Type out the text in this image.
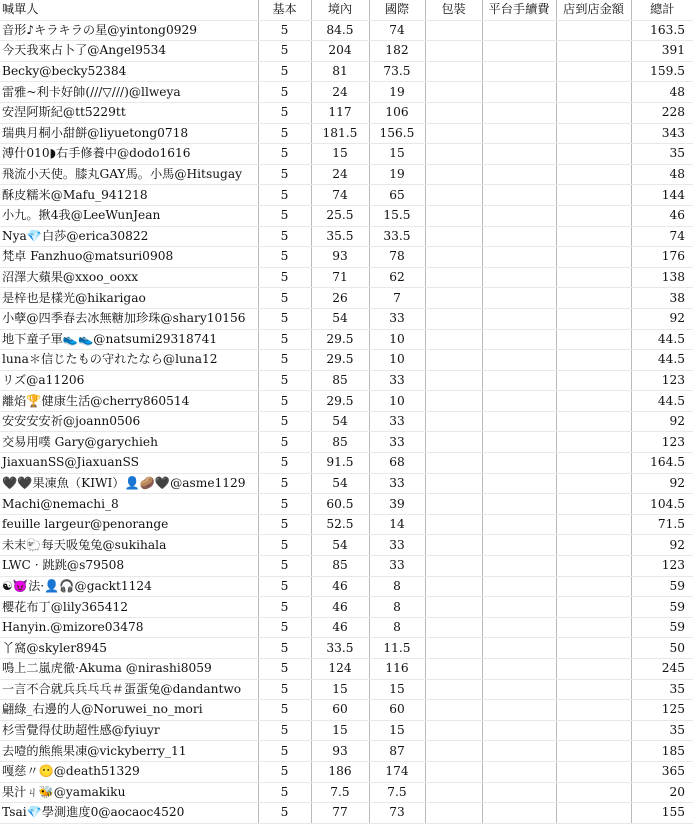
喊單人	基本	境內	國際	包裝	平台手續費	店到店金額	總計
音形♪キラキラの星@yintong0929	5	84.5	74				163.5
今天我來占卜了@Angel9534	5	204	182				391
Becky@becky52384	5	81	73.5				159.5
雷雅~利卡好帥(///▽///)@llweya	5	24	19				48
安涅阿斯紀@tt5229tt	5	117	106				228
瑞典月桐小甜餅@liyuetong0718	5	181.5	156.5				343
溥什010◗右手修養中@dodo1616	5	15	15				35
飛流小天使。膝丸GAY馬。小馬@Hitsugay	5	24	19				48
酥皮糯米@Mafu_941218	5	74	65				144
小九。揪4我@LeeWunJean	5	25.5	15.5				46
Nya💎白莎@erica30822	5	35.5	33.5				74
梵卓 Fanzhuo@matsuri0908	5	93	78				176
沼澤大蘋果@xxoo_ooxx	5	71	62				138
是梓也是樣光@hikarigao	5	26	7				38
小孽@四季春去冰無糖加珍珠@shary10156	5	54	33				92
地下童子軍👟👟@natsumi29318741	5	29.5	10				44.5
luna＊信じたもの守れたなら@luna12	5	29.5	10				44.5
リズ@a11206	5	85	33				123
離焰🏆健康生活@cherry860514	5	29.5	10				44.5
安安安安祈@joann0506	5	54	33				92
交易用噗 Gary@garychieh	5	85	33				123
JiaxuanSS@JiaxuanSS	5	91.5	68				164.5
🖤🖤果凍魚（KIWI）👤🥔🖤@asme1129	5	54	33				92
Machi@nemachi_8	5	60.5	39				104.5
feuille largeur@penorange	5	52.5	14				71.5
未末🐑每天吸兔兔@sukihala	5	54	33				92
LWC · 跳跳@s79508	5	85	33				123
☯😈法·👤🎧@gackt1124	5	46	8				59
櫻花布丁@lily365412	5	46	8				59
Hanyin.@mizore03478	5	46	8				59
丫窩@skyler8945	5	33.5	11.5				50
鳴上二嵐虎徹·Akuma @nirashi8059	5	124	116				245
一言不合就兵兵乓乓＃蛋蛋兔@dandantwo	5	15	15				35
翩綠_右邊的人@Noruwei_no_mori	5	60	60				125
杉雪覺得仗助超性感@fyiuyr	5	15	15				35
去噎的熊熊果凍@vickyberry_11	5	93	87				185
嘎慈〃😶@death51329	5	186	174				365
果汁ㄐ🐝@yamakiku	5	7.5	7.5				20
Tsai💎學測進度0@aocaoc4520	5	77	73				155
